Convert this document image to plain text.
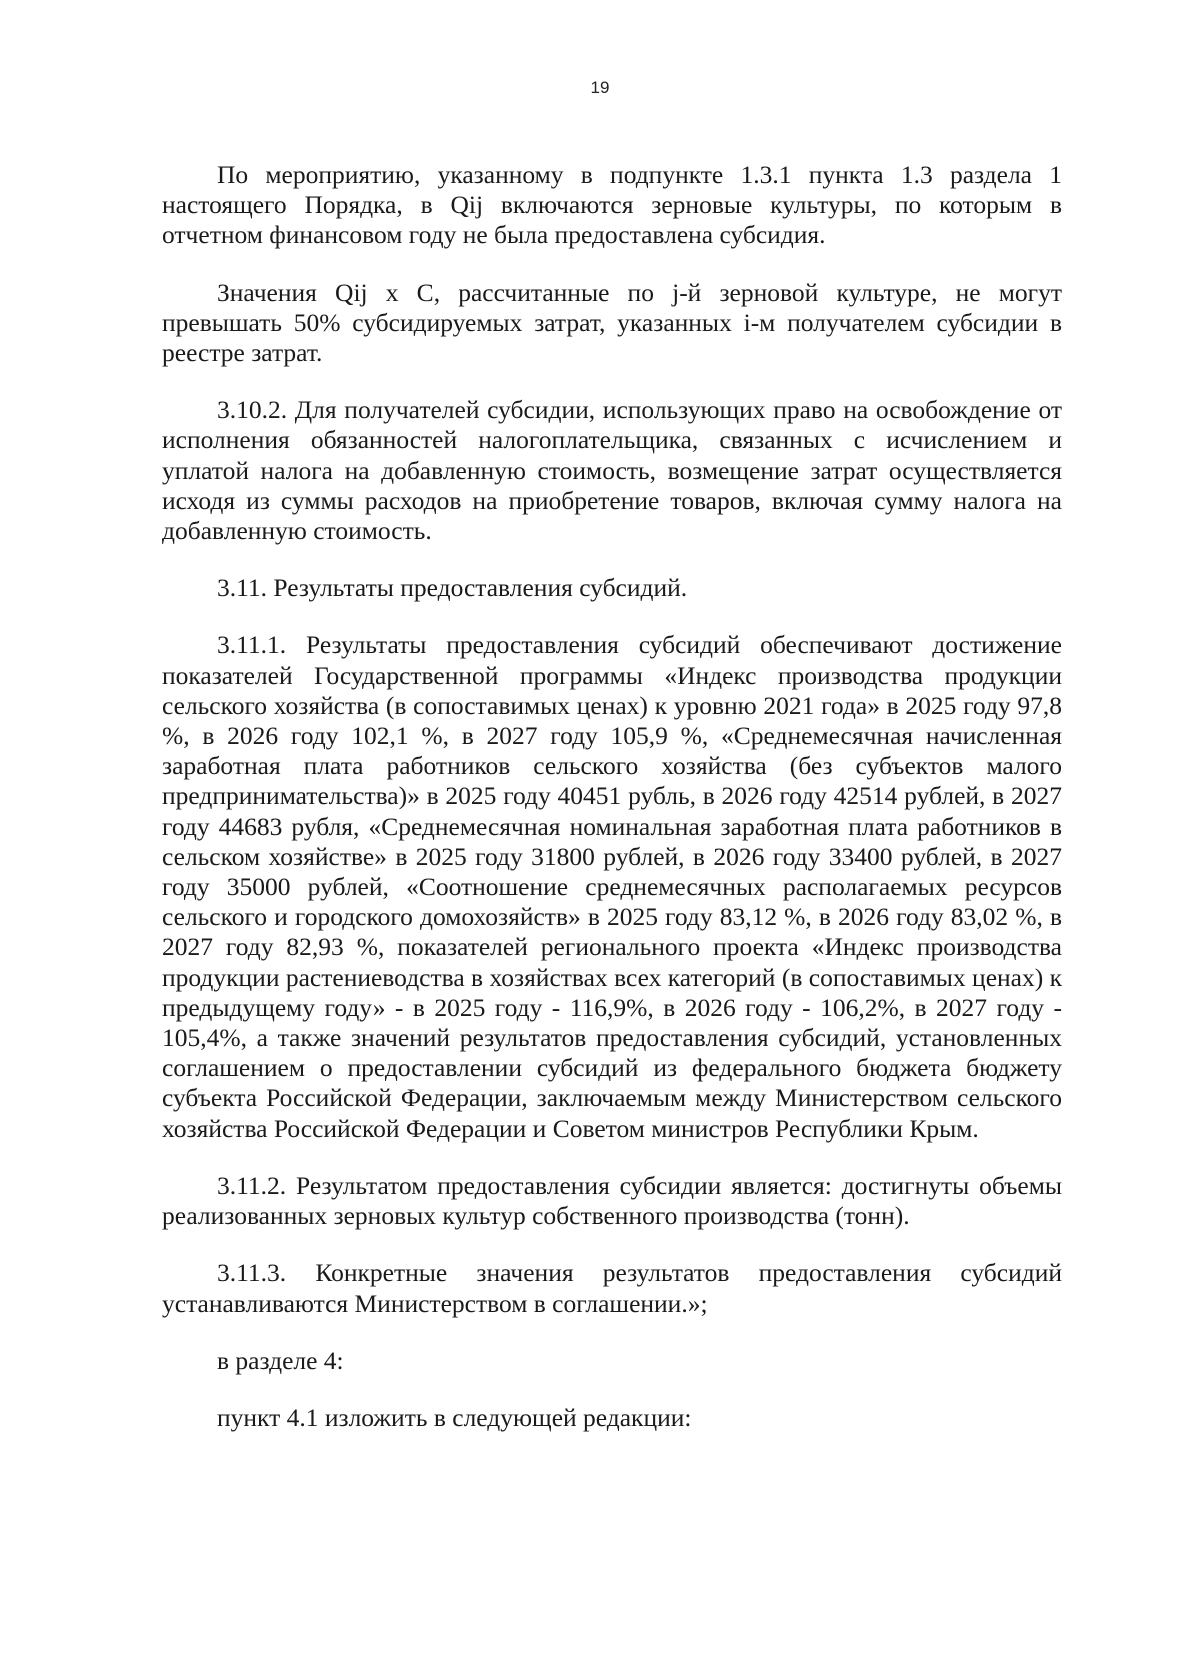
19

По мероприятию, указанному в подпункте 1.3.1 пункта 1.3 раздела 1 настоящего Порядка, в Qij включаются зерновые культуры, по которым в отчетном финансовом году не была предоставлена субсидия.

Значения Qij х С, рассчитанные по j-й зерновой культуре, не могут превышать 50% субсидируемых затрат, указанных i-м получателем субсидии в реестре затрат.

3.10.2. Для получателей субсидии, использующих право на освобождение от исполнения обязанностей налогоплательщика, связанных с исчислением и уплатой налога на добавленную стоимость, возмещение затрат осуществляется исходя из суммы расходов на приобретение товаров, включая сумму налога на добавленную стоимость.

3.11. Результаты предоставления субсидий.

3.11.1. Результаты предоставления субсидий обеспечивают достижение показателей Государственной программы «Индекс производства продукции сельского хозяйства (в сопоставимых ценах) к уровню 2021 года» в 2025 году 97,8 %, в 2026 году 102,1 %, в 2027 году 105,9 %, «Среднемесячная начисленная заработная плата работников сельского хозяйства (без субъектов малого предпринимательства)» в 2025 году 40451 рубль, в 2026 году 42514 рублей, в 2027 году 44683 рубля, «Среднемесячная номинальная заработная плата работников в сельском хозяйстве» в 2025 году 31800 рублей, в 2026 году 33400 рублей, в 2027 году 35000 рублей, «Соотношение среднемесячных располагаемых ресурсов сельского и городского домохозяйств» в 2025 году 83,12 %, в 2026 году 83,02 %, в 2027 году 82,93 %, показателей регионального проекта «Индекс производства продукции растениеводства в хозяйствах всех категорий (в сопоставимых ценах) к предыдущему году» - в 2025 году - 116,9%, в 2026 году - 106,2%, в 2027 году - 105,4%, а также значений результатов предоставления субсидий, установленных соглашением о предоставлении субсидий из федерального бюджета бюджету субъекта Российской Федерации, заключаемым между Министерством сельского хозяйства Российской Федерации и Советом министров Республики Крым.

3.11.2. Результатом предоставления субсидии является: достигнуты объемы реализованных зерновых культур собственного производства (тонн).

3.11.3. Конкретные значения результатов предоставления субсидий устанавливаются Министерством в соглашении.»;

в разделе 4:

пункт 4.1 изложить в следующей редакции:
